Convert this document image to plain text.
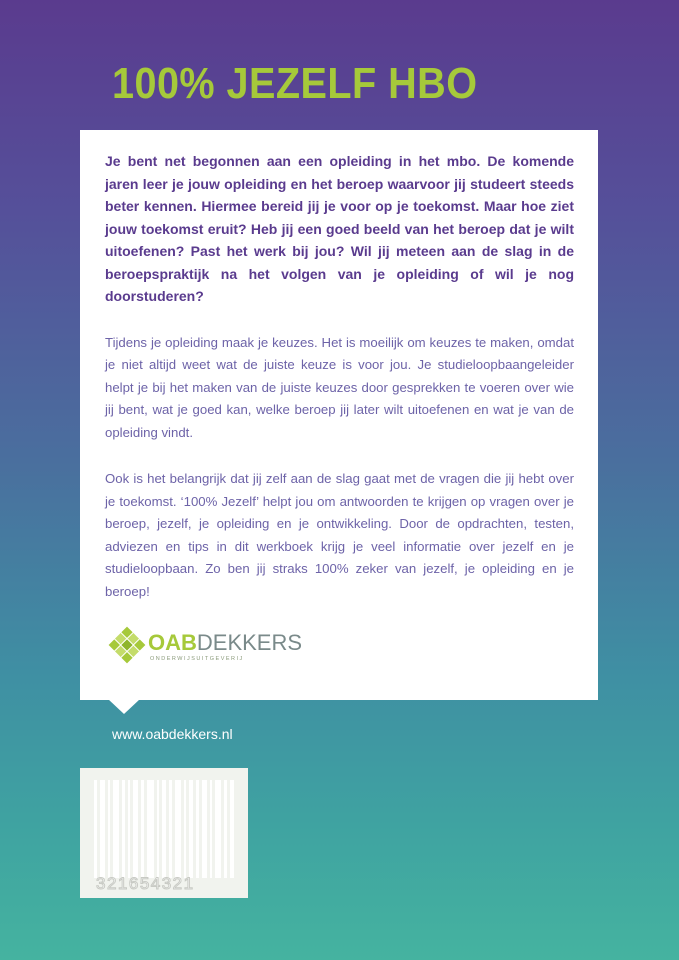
100% JEZELF HBO

Je bent net begonnen aan een opleiding in het mbo. De komende jaren leer je jouw opleiding en het beroep waarvoor jij studeert steeds beter kennen. Hiermee bereid jij je voor op je toekomst. Maar hoe ziet jouw toekomst eruit? Heb jij een goed beeld van het beroep dat je wilt uitoefenen? Past het werk bij jou? Wil jij meteen aan de slag in de beroepspraktijk na het volgen van je opleiding of wil je nog doorstuderen?

Tijdens je opleiding maak je keuzes. Het is moeilijk om keuzes te maken, omdat je niet altijd weet wat de juiste keuze is voor jou. Je studieloopbaangeleider helpt je bij het maken van de juiste keuzes door gesprekken te voeren over wie jij bent, wat je goed kan, welke beroep jij later wilt uitoefenen en wat je van de opleiding vindt.

Ook is het belangrijk dat jij zelf aan de slag gaat met de vragen die jij hebt over je toekomst. ‘100% Jezelf’ helpt jou om antwoorden te krijgen op vragen over je beroep, jezelf, je opleiding en je ontwikkeling. Door de opdrachten, testen, adviezen en tips in dit werkboek krijg je veel informatie over jezelf en je studieloopbaan. Zo ben jij straks 100% zeker van jezelf, je opleiding en je beroep!

OABDEKKERS
ONDERWIJSUITGEVERIJ
www.oabdekkers.nl
321654321
